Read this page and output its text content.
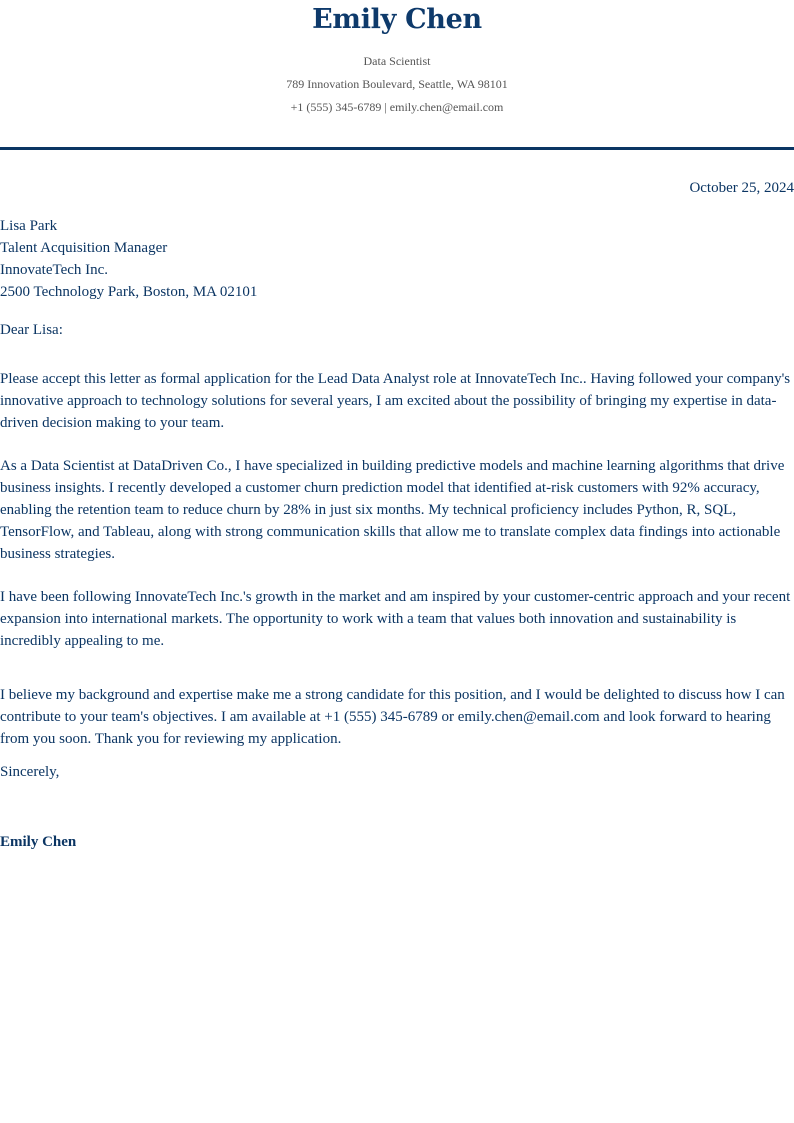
Emily Chen

Data Scientist

789 Innovation Boulevard, Seattle, WA 98101

+1 (555) 345-6789 | emily.chen@email.com

October 25, 2024
Lisa Park
Talent Acquisition Manager
InnovateTech Inc.
2500 Technology Park, Boston, MA 02101
Dear Lisa:

Please accept this letter as formal application for the Lead Data Analyst role at InnovateTech Inc.. Having followed your company's innovative approach to technology solutions for several years, I am excited about the possibility of bringing my expertise in data-driven decision making to your team.

As a Data Scientist at DataDriven Co., I have specialized in building predictive models and machine learning algorithms that drive business insights. I recently developed a customer churn prediction model that identified at-risk customers with 92% accuracy, enabling the retention team to reduce churn by 28% in just six months. My technical proficiency includes Python, R, SQL, TensorFlow, and Tableau, along with strong communication skills that allow me to translate complex data findings into actionable business strategies.

I have been following InnovateTech Inc.'s growth in the market and am inspired by your customer-centric approach and your recent expansion into international markets. The opportunity to work with a team that values both innovation and sustainability is incredibly appealing to me.

I believe my background and expertise make me a strong candidate for this position, and I would be delighted to discuss how I can contribute to your team's objectives. I am available at +1 (555) 345-6789 or emily.chen@email.com and look forward to hearing from you soon. Thank you for reviewing my application.

Sincerely,
Emily Chen
